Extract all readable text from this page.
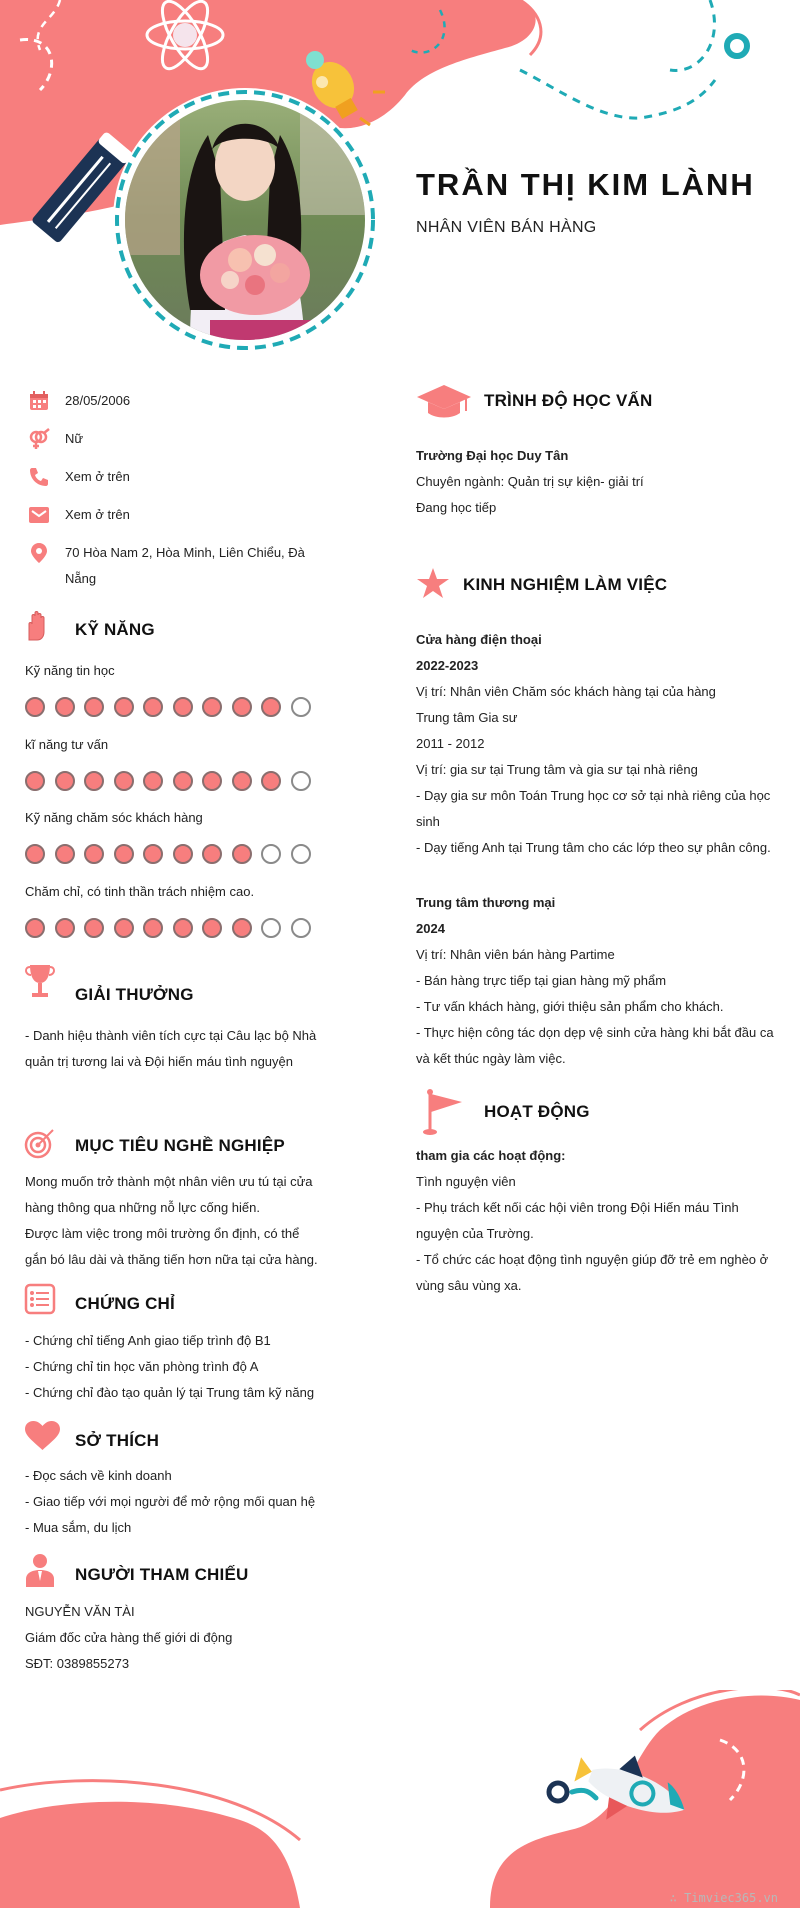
TRẦN THỊ KIM LÀNH
NHÂN VIÊN BÁN HÀNG
28/05/2006
Nữ
Xem ở trên
Xem ở trên
70 Hòa Nam 2, Hòa Minh, Liên Chiểu, Đà Nẵng
KỸ NĂNG
Kỹ năng tin học
kĩ năng tư vấn
Kỹ năng chăm sóc khách hàng
Chăm chỉ, có tinh thần trách nhiệm cao.
GIẢI THƯỞNG
- Danh hiệu thành viên tích cực tại Câu lạc bộ Nhà
quản trị tương lai và Đội hiến máu tình nguyện
MỤC TIÊU NGHỀ NGHIỆP
Mong muốn trở thành một nhân viên ưu tú tại cửa
hàng thông qua những nỗ lực cống hiến.
Được làm việc trong môi trường ổn định, có thể
gắn bó lâu dài và thăng tiến hơn nữa tại cửa hàng.
CHỨNG CHỈ
- Chứng chỉ tiếng Anh giao tiếp trình độ B1
- Chứng chỉ tin học văn phòng trình độ A
- Chứng chỉ đào tạo quản lý tại Trung tâm kỹ năng
SỞ THÍCH
- Đọc sách về kinh doanh
- Giao tiếp với mọi người để mở rộng mối quan hệ
- Mua sắm, du lịch
NGƯỜI THAM CHIẾU
NGUYỄN VĂN TÀI
Giám đốc cửa hàng thế giới di động
SĐT: 0389855273
TRÌNH ĐỘ HỌC VẤN
Trường Đại học Duy Tân
Chuyên ngành: Quản trị sự kiện- giải trí
Đang học tiếp
KINH NGHIỆM LÀM VIỆC
Cửa hàng điện thoại
2022-2023
Vị trí: Nhân viên Chăm sóc khách hàng tại của hàng
Trung tâm Gia sư
2011 - 2012
Vị trí: gia sư tại Trung tâm và gia sư tại nhà riêng
- Dạy gia sư môn Toán Trung học cơ sở tại nhà riêng của học
sinh
- Dạy tiếng Anh tại Trung tâm cho các lớp theo sự phân công.
Trung tâm thương mại
2024
Vị trí: Nhân viên bán hàng Partime
- Bán hàng trực tiếp tại gian hàng mỹ phẩm
- Tư vấn khách hàng, giới thiệu sản phẩm cho khách.
- Thực hiện công tác dọn dẹp vệ sinh cửa hàng khi bắt đầu ca
và kết thúc ngày làm việc.
HOẠT ĐỘNG
tham gia các hoạt động:
Tình nguyện viên
- Phụ trách kết nối các hội viên trong Đội Hiến máu Tình
nguyện của Trường.
- Tổ chức các hoạt động tình nguyện giúp đỡ trẻ em nghèo ở
vùng sâu vùng xa.
∴ Timviec365.vn
